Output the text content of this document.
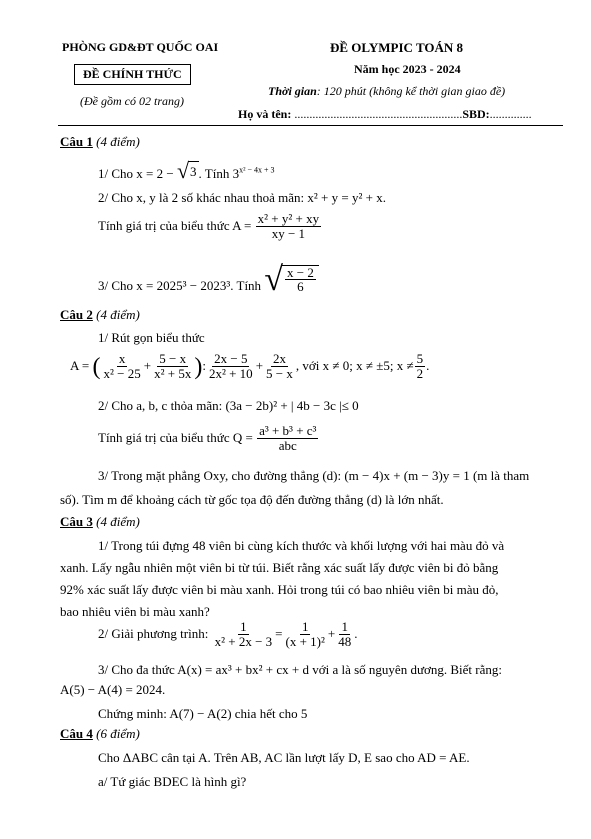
PHÒNG GD&ĐT QUỐC OAI
ĐỀ CHÍNH THỨC
(Đề gồm có 02 trang)
ĐỀ OLYMPIC TOÁN 8
Năm học 2023 - 2024
Thời gian: 120 phút (không kể thời gian giao đề)
Họ và tên: ........................................................SBD:..............
Câu 1 (4 điểm)
1/ Cho x = 2 − √ 3 . Tính $3^{x^2 - 4x + 3}$
2/ Cho x, y là 2 số khác nhau thoả mãn: x² + y = y² + x.
Tính giá trị của biểu thức $A = \frac{\text{x² + y² + xy}}{xy - 1}$
3/ Cho x = 2025³ − 2023³. Tính √ $\frac{x - 2}{6}$
Câu 2 (4 điểm)
1/ Rút gọn biểu thức
A = ( $\frac{x}{\text{x² − 25}} + \frac{5 - x}{\text{x² + 5x}}$ ): $\frac{2x - 5}{\text{2x² + 10}} + \frac{2x}{5 - x}$ , với x ≠ 0; x ≠ ±5; $x \ne \frac{5}{2}$ .
2/ Cho a, b, c thỏa mãn: (3a − 2b)² + | 4b − 3c |≤ 0
Tính giá trị của biểu thức $Q = \frac{\text{a³ + b³ + c³}}{\text{abc}}$
3/ Trong mặt phẳng Oxy, cho đường thẳng (d): (m − 4)x + (m − 3)y = 1 (m là tham
số). Tìm m để khoảng cách từ gốc tọa độ đến đường thẳng (d) là lớn nhất.
Câu 3 (4 điểm)
1/ Trong túi đựng 48 viên bi cùng kích thước và khối lượng với hai màu đỏ và
xanh. Lấy ngẫu nhiên một viên bi từ túi. Biết rằng xác suất lấy được viên bi đỏ bằng
92% xác suất lấy được viên bi màu xanh. Hỏi trong túi có bao nhiêu viên bi màu đỏ,
bao nhiêu viên bi màu xanh?
2/ Giải phương trình: $\frac{1}{\text{x² + 2x − 3}} = \frac{1}{\text{(x + 1)²}} + \frac{1}{48}$ .
3/ Cho đa thức A(x) = ax³ + bx² + cx + d với a là số nguyên dương. Biết rằng:
A(5) − A(4) = 2024.
Chứng minh: A(7) − A(2) chia hết cho 5
Câu 4 (6 điểm)
Cho ΔABC cân tại A. Trên AB, AC lần lượt lấy D, E sao cho AD = AE.
a/ Tứ giác BDEC là hình gì?
